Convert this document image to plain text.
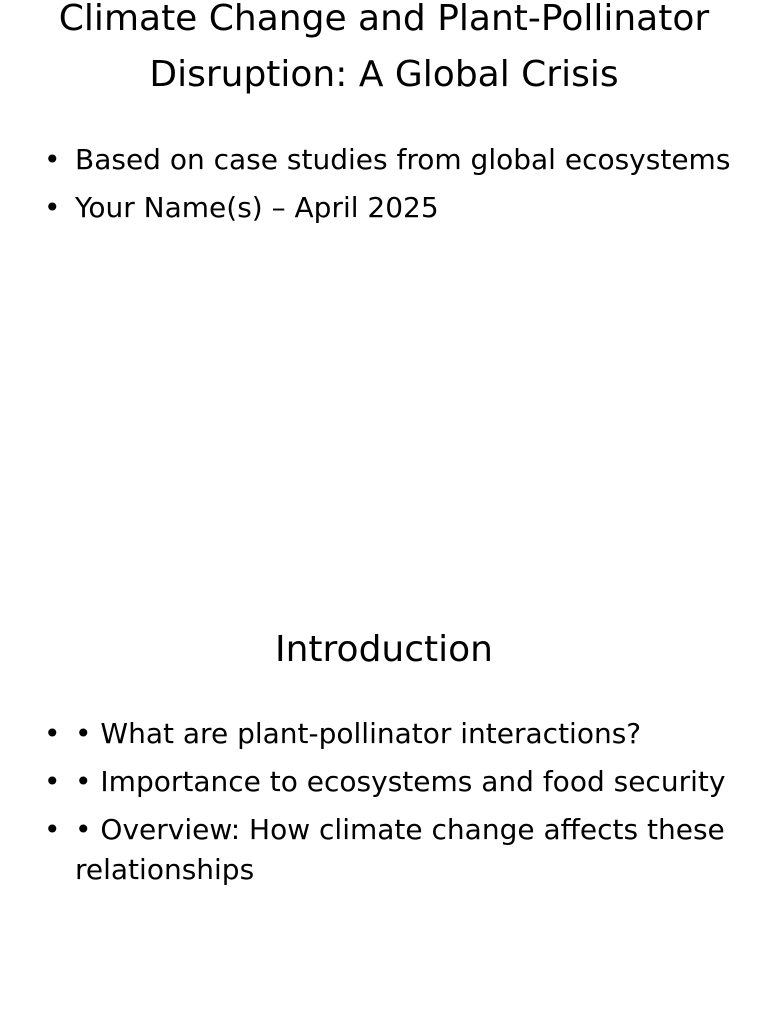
Climate Change and Plant-Pollinator Disruption: A Global Crisis
• Based on case studies from global ecosystems
• Your Name(s) – April 2025
Introduction
• • What are plant-pollinator interactions?
• • Importance to ecosystems and food security
• • Overview: How climate change affects these relationships
